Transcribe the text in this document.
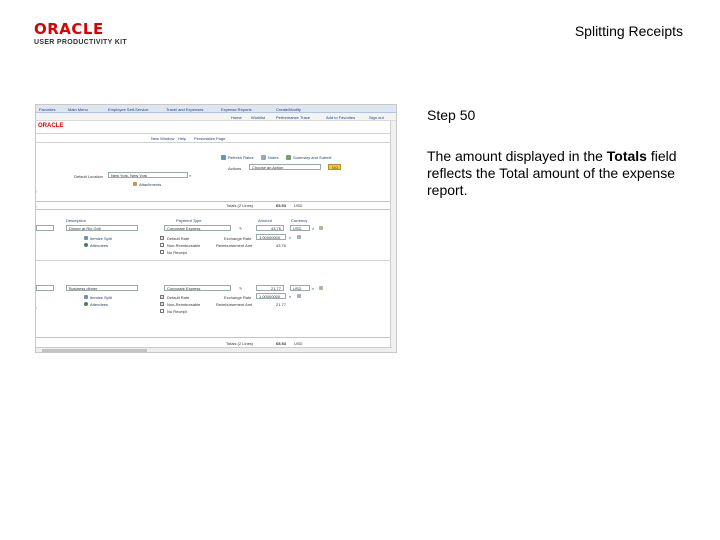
ORACLE
USER PRODUCTIVITY KIT
Splitting Receipts
Step 50
The amount displayed in the Totals field reflects the Total amount of the expense report.
Favorites	Main Menu	Employee Self-Service	Travel and Expenses	Expense Reports	Create/Modify
Home Worklist	Performance Trace	Add to Favorites	Sign out
ORACLE
New Window Help Personalize Page
Refresh Rates	Notes	Summary and Submit
Actions	Choose an Action	GO
Default Location New York, New York	⌕
Attachments
›
Totals (2 Lines)	65.53 USD
‹
Description	Payment Type	Amount	Currency
Dinner at Rio Grill	Corporate Express	✎	43.76	USD	⌕
Itemize Split
Attendees
Default Rate
Non-Reimbursable
No Receipt
Exchange Rate 1.00000000 ⌕
Reimbursement Amt	43.76
Business dinner	Corporate Express	✎	21.77	USD	⌕
Itemize Split
Attendees
Default Rate
Non-Reimbursable
No Receipt
Exchange Rate 1.00000000 ⌕
Reimbursement Amt	21.77
›
Totals (2 Lines)	65.53 USD
